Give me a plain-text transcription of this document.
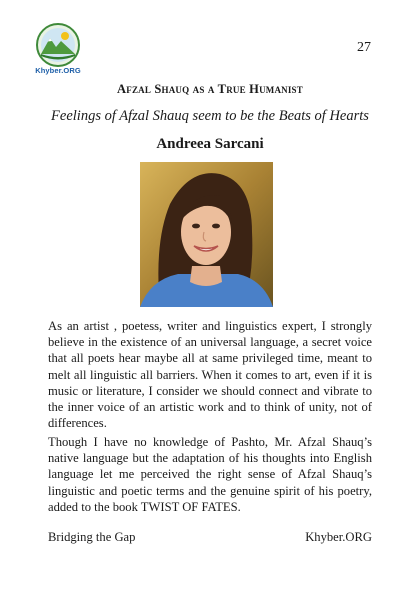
Khyber.ORG
27
Afzal Shauq as a True Humanist
Feelings of Afzal Shauq seem to be the Beats of Hearts
Andreea Sarcani

As an artist , poetess, writer and linguistics expert, I strongly believe in the existence of an universal language, a secret voice that all poets hear maybe all at same privileged time, meant to melt all linguistic all barriers. When it comes to art, even if it is music or literature, I consider we should connect and vibrate to the inner voice of an artistic work and to think of unity, not of differences.

Though I have no knowledge of Pashto, Mr. Afzal Shauq’s native language but the adaptation of his thoughts into English language let me perceived the right sense of Afzal Shauq’s linguistic and poetic terms and the genuine spirit of his poetry, added to the book TWIST OF FATES.

Bridging the Gap	Khyber.ORG
